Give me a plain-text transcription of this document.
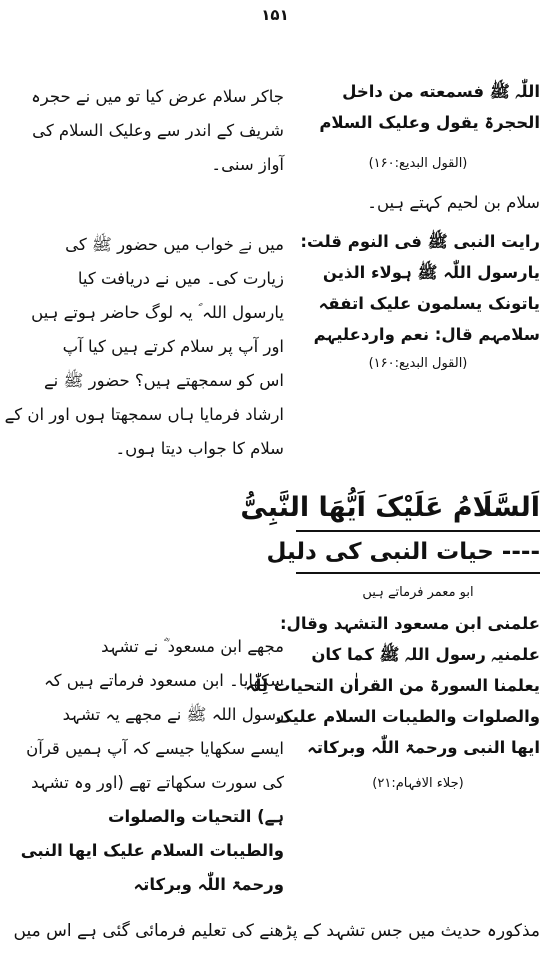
۱۵۱
اللّٰہ ﷺ فسمعته من داخل
الحجرۃ یقول وعلیک السلام
(القول البدیع:۱۶۰)
سلام بن لحیم کہتے ہیں۔
رایت النبی ﷺ فی النوم قلت:
یارسول اللّٰہ ﷺ ہولاء الذین
یاتونک یسلمون علیک اتفقہ
سلامہم قال: نعم واردعلیہم
(القول البدیع:۱۶۰)
اَلسَّلَامُ عَلَیْکَ اَیُّھَا النَّبِیُّ
---- حیات النبی کی دلیل
ابو معمر فرماتے ہیں
علمنی ابن مسعود التشہد وقال:
علمنیہ رسول اللہ ﷺ کما کان
یعلمنا السورۃ من القراٰن التحیات لِلّٰہ
والصلوات والطیبات السلام علیک
ایھا النبی ورحمۃ اللّٰہ وبرکاتہ
(جلاء الافہام:۲۱)
جاکر سلام عرض کیا تو میں نے حجرہ
شریف کے اندر سے وعلیک السلام کی
آواز سنی۔
میں نے خواب میں حضور ﷺ کی
زیارت کی۔ میں نے دریافت کیا
یارسول اللہ ؐ یہ لوگ حاضر ہوتے ہیں
اور آپ پر سلام کرتے ہیں کیا آپ
اس کو سمجھتے ہیں؟ حضور ﷺ نے
ارشاد فرمایا ہاں سمجھتا ہوں اور ان کے
سلام کا جواب دیتا ہوں۔
مجھے ابن مسعود ؓ نے تشہد
سکھایا۔ ابن مسعود فرماتے ہیں کہ
رسول اللہ ﷺ نے مجھے یہ تشہد
ایسے سکھایا جیسے کہ آپ ہمیں قرآن
کی سورت سکھاتے تھے (اور وہ تشہد
ہے) التحیات والصلوات
والطیبات السلام علیک ایھا النبی
ورحمۃ اللّٰہ وبرکاتہ
مذکورہ حدیث میں جس تشہد کے پڑھنے کی تعلیم فرمائی گئی ہے اس میں
